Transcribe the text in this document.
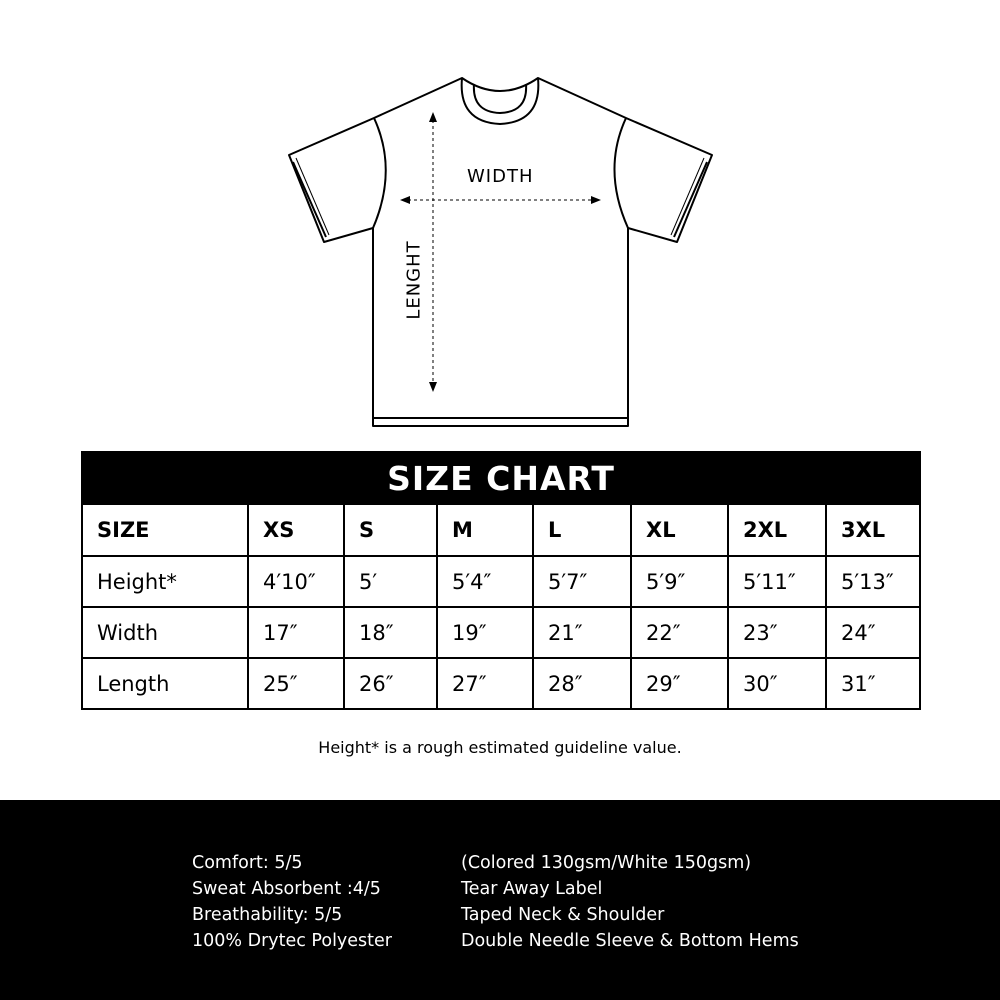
WIDTH
LENGHT
SIZE CHART							
SIZE	XS	S	M	L	XL	2XL	3XL
Height*	4′10″	5′	5′4″	5′7″	5′9″	5′11″	5′13″
Width	17″	18″	19″	21″	22″	23″	24″
Length	25″	26″	27″	28″	29″	30″	31″
Height* is a rough estimated guideline value.
Comfort: 5/5
Sweat Absorbent :4/5
Breathability: 5/5
100% Drytec Polyester
(Colored 130gsm/White 150gsm)
Tear Away Label
Taped Neck & Shoulder
Double Needle Sleeve & Bottom Hems
